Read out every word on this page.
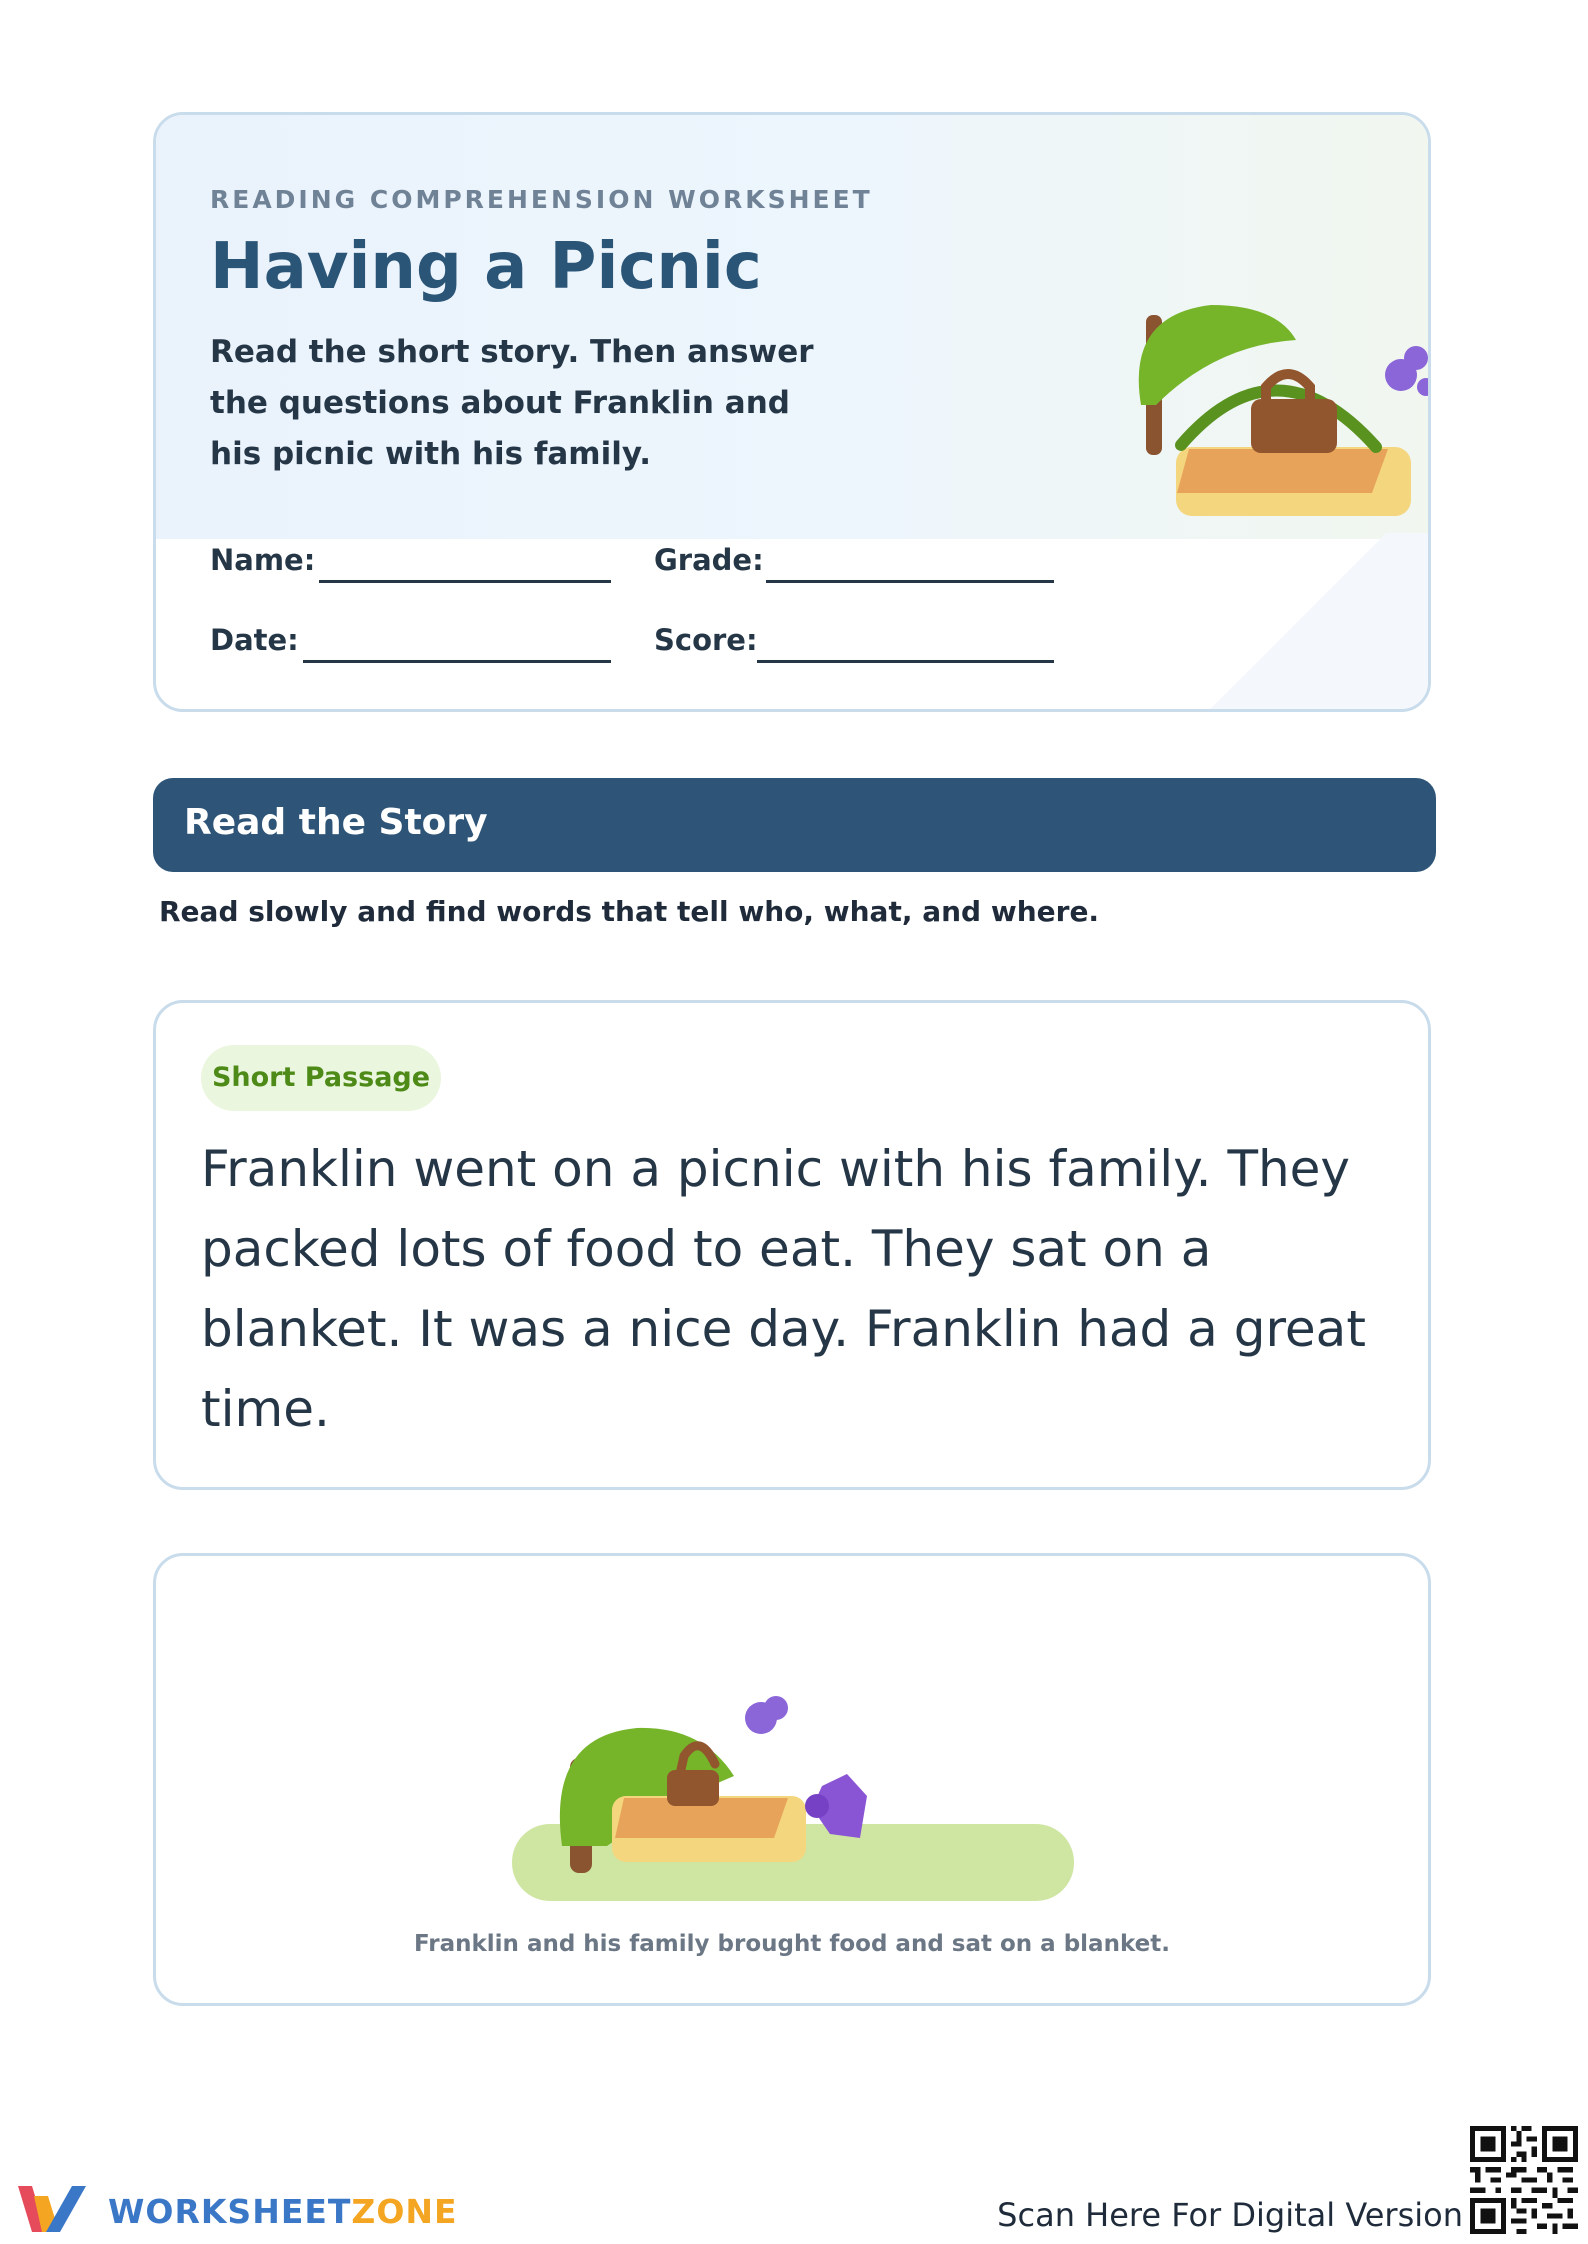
READING COMPREHENSION WORKSHEET
Having a Picnic
Read the short story. Then answer the questions about Franklin and his picnic with his family.
Name:	Grade:
Date:	Score:
Read the Story
Read slowly and find words that tell who, what, and where.
Short Passage
Franklin went on a picnic with his family. They packed lots of food to eat. They sat on a blanket. It was a nice day. Franklin had a great time.
Franklin and his family brought food and sat on a blanket.
WORKSHEETZONE	Scan Here For Digital Version
